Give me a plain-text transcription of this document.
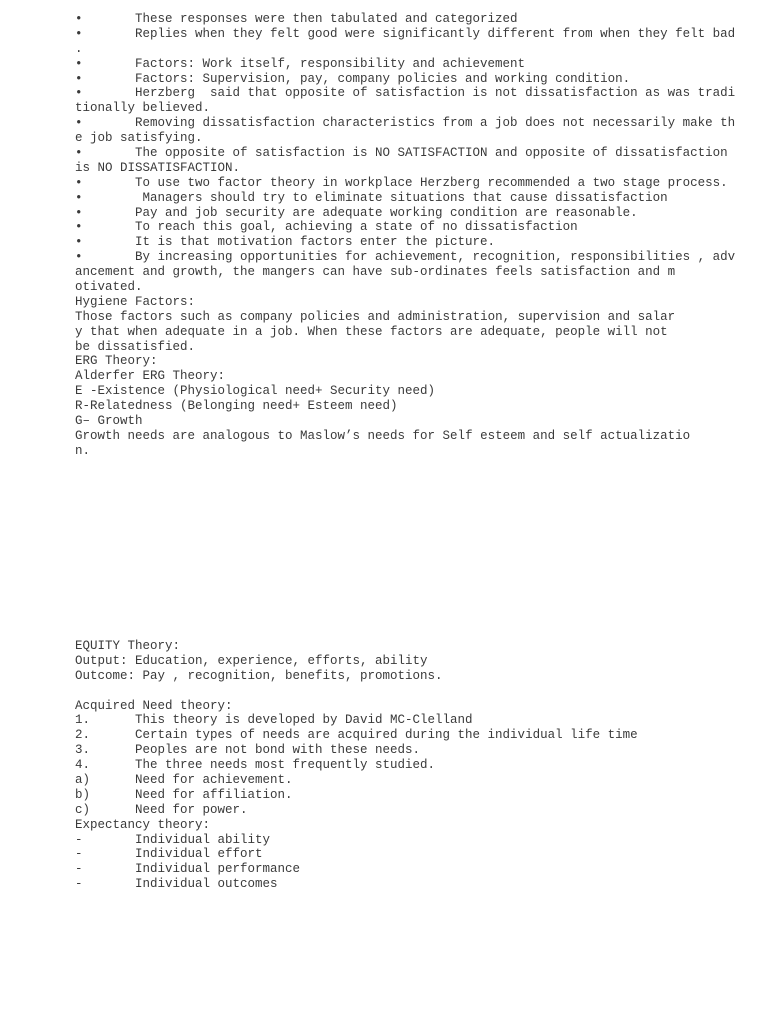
•	These responses were then tabulated and categorized
•	Replies when they felt good were significantly different from when they felt bad
.
•	Factors: Work itself, responsibility and achievement
•	Factors: Supervision, pay, company policies and working condition.
•	Herzberg  said that opposite of satisfaction is not dissatisfaction as was tradi
tionally believed.
•	Removing dissatisfaction characteristics from a job does not necessarily make th
e job satisfying.
•	The opposite of satisfaction is NO SATISFACTION and opposite of dissatisfaction
is NO DISSATISFACTION.
•	To use two factor theory in workplace Herzberg recommended a two stage process.
•	Managers should try to eliminate situations that cause dissatisfaction
•	Pay and job security are adequate working condition are reasonable.
•	To reach this goal, achieving a state of no dissatisfaction
•	It is that motivation factors enter the picture.
•	By increasing opportunities for achievement, recognition, responsibilities , adv
ancement and growth, the mangers can have sub-ordinates feels satisfaction and m
otivated.
Hygiene Factors:
Those factors such as company policies and administration, supervision and salar
y that when adequate in a job. When these factors are adequate, people will not
be dissatisfied.
ERG Theory:
Alderfer ERG Theory:
E -Existence (Physiological need+ Security need)
R-Relatedness (Belonging need+ Esteem need)
G– Growth
Growth needs are analogous to Maslow’s needs for Self esteem and self actualizatio
n.
EQUITY Theory:
Output: Education, experience, efforts, ability
Outcome: Pay , recognition, benefits, promotions.
Acquired Need theory:
1.	This theory is developed by David MC-Clelland
2.	Certain types of needs are acquired during the individual life time
3.	Peoples are not bond with these needs.
4.	The three needs most frequently studied.
a)	Need for achievement.
b)	Need for affiliation.
c)	Need for power.
Expectancy theory:
-	Individual ability
-	Individual effort
-	Individual performance
-	Individual outcomes
